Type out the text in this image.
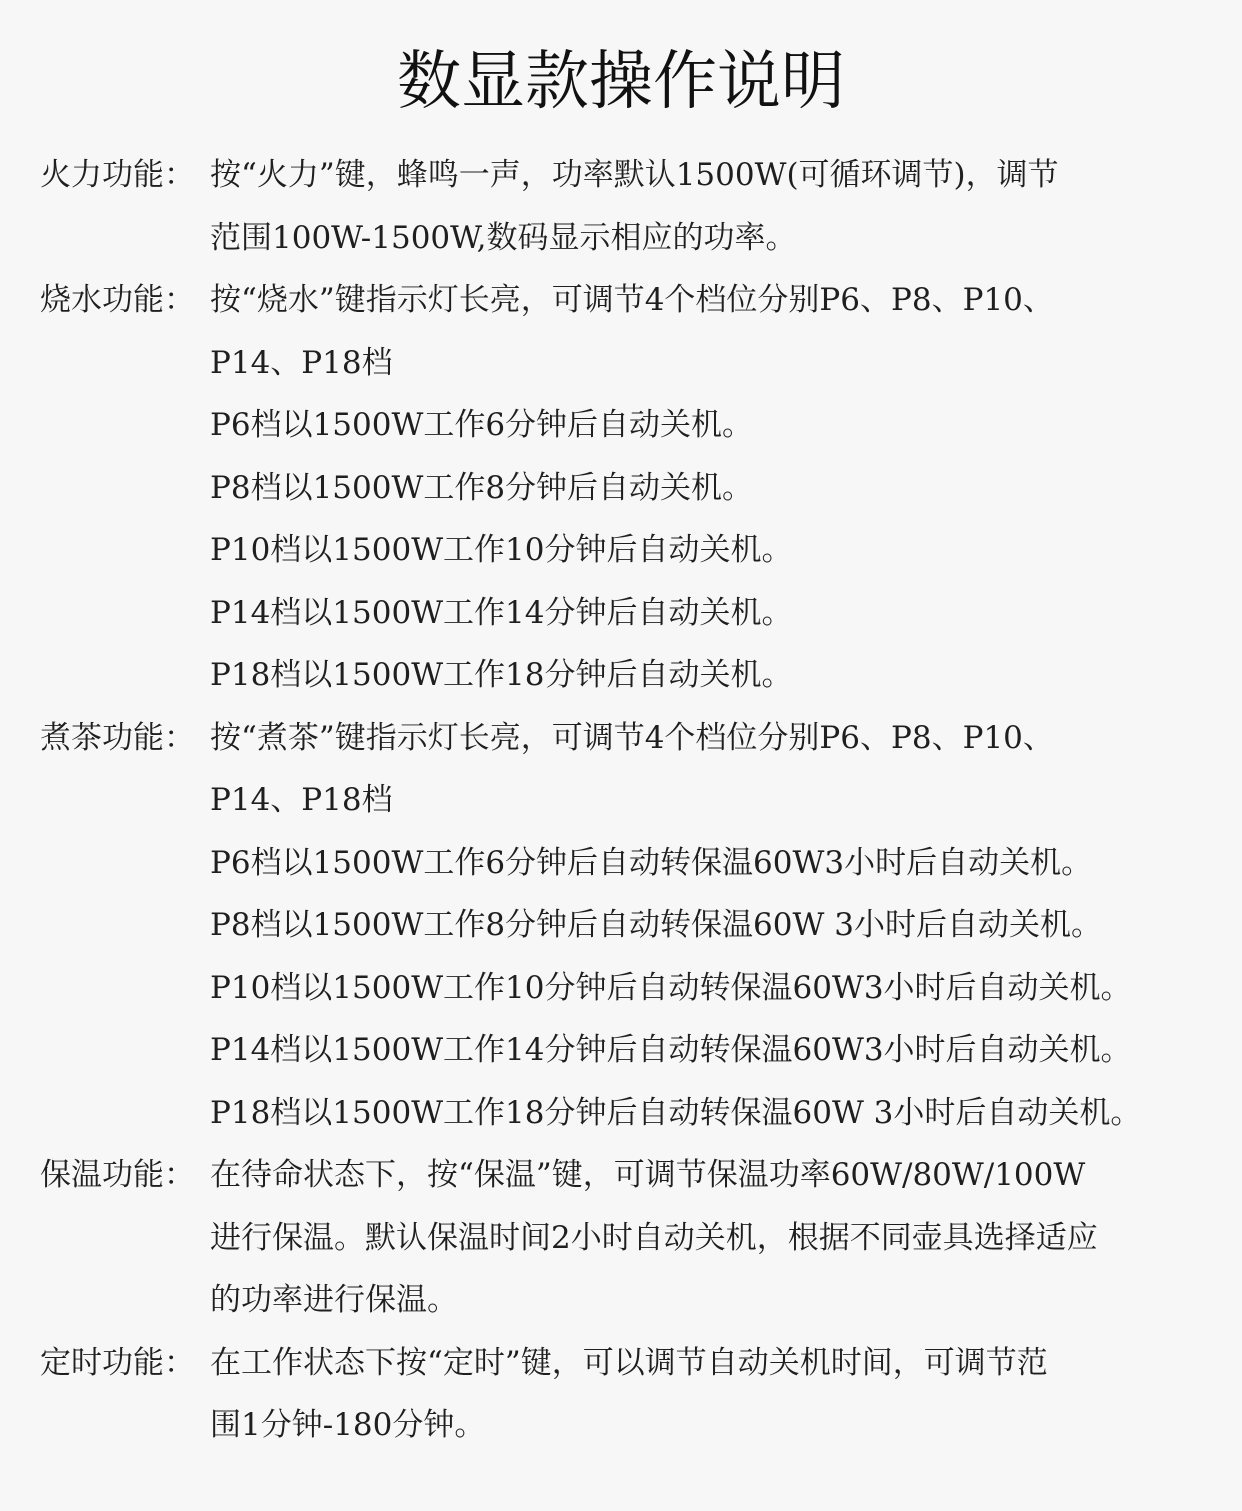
数显款操作说明
火力功能： 按“火力”键，蜂鸣一声，功率默认1500W(可循环调节)，调节
范围100W-1500W,数码显示相应的功率。
烧水功能： 按“烧水”键指示灯长亮，可调节4个档位分别P6、P8、P10、
P14、P18档
P6档以1500W工作6分钟后自动关机。
P8档以1500W工作8分钟后自动关机。
P10档以1500W工作10分钟后自动关机。
P14档以1500W工作14分钟后自动关机。
P18档以1500W工作18分钟后自动关机。
煮茶功能： 按“煮茶”键指示灯长亮，可调节4个档位分别P6、P8、P10、
P14、P18档
P6档以1500W工作6分钟后自动转保温60W3小时后自动关机。
P8档以1500W工作8分钟后自动转保温60W 3小时后自动关机。
P10档以1500W工作10分钟后自动转保温60W3小时后自动关机。
P14档以1500W工作14分钟后自动转保温60W3小时后自动关机。
P18档以1500W工作18分钟后自动转保温60W 3小时后自动关机。
保温功能： 在待命状态下，按“保温”键，可调节保温功率60W/80W/100W
进行保温。默认保温时间2小时自动关机，根据不同壶具选择适应
的功率进行保温。
定时功能： 在工作状态下按“定时”键，可以调节自动关机时间，可调节范
围1分钟-180分钟。
